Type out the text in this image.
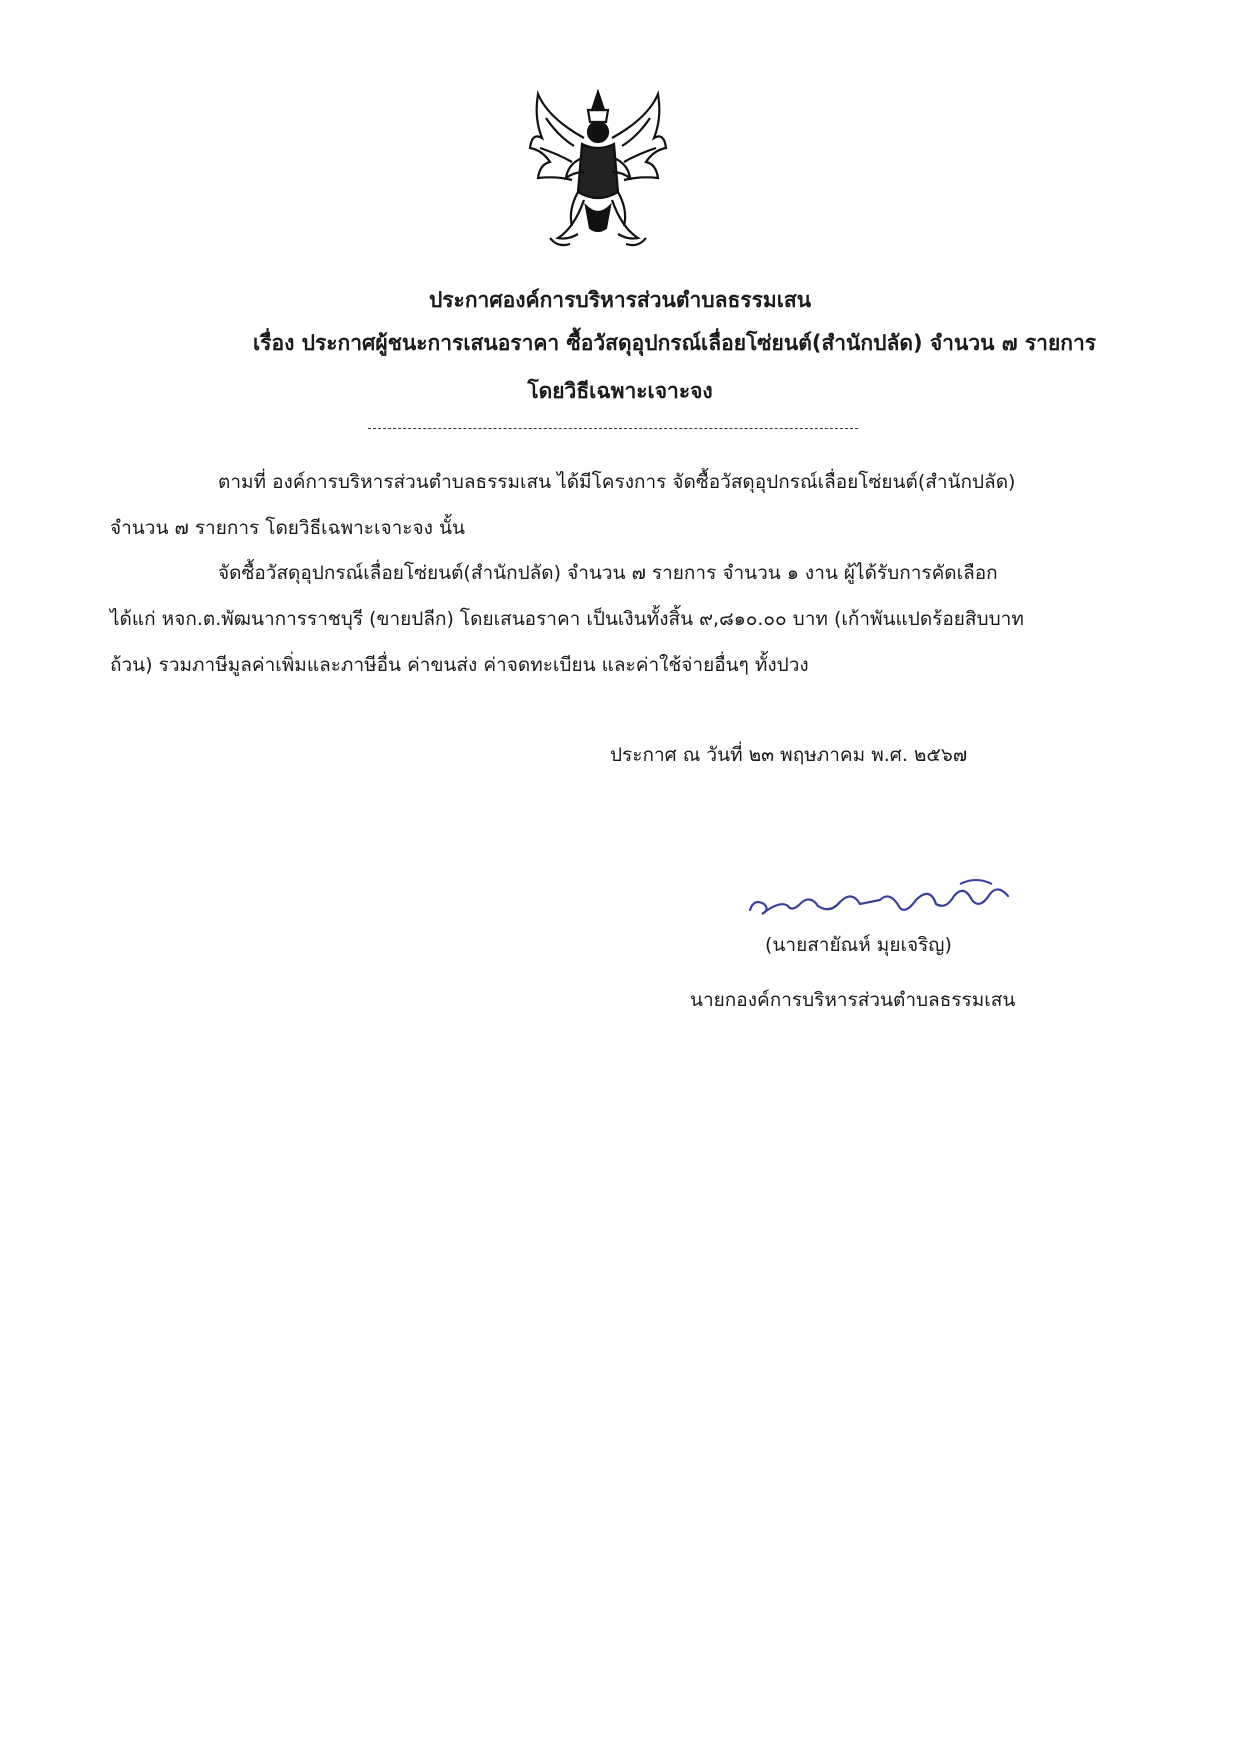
ประกาศองค์การบริหารส่วนตำบลธรรมเสน
เรื่อง ประกาศผู้ชนะการเสนอราคา ซื้อวัสดุอุปกรณ์เลื่อยโซ่ยนต์(สำนักปลัด) จำนวน ๗ รายการ
โดยวิธีเฉพาะเจาะจง
ตามที่ องค์การบริหารส่วนตำบลธรรมเสน ได้มีโครงการ จัดซื้อวัสดุอุปกรณ์เลื่อยโซ่ยนต์(สำนักปลัด)
จำนวน ๗ รายการ โดยวิธีเฉพาะเจาะจง นั้น
จัดซื้อวัสดุอุปกรณ์เลื่อยโซ่ยนต์(สำนักปลัด) จำนวน ๗ รายการ จำนวน ๑ งาน ผู้ได้รับการคัดเลือก
ได้แก่ หจก.ต.พัฒนาการราชบุรี (ขายปลีก) โดยเสนอราคา เป็นเงินทั้งสิ้น ๙,๘๑๐.๐๐ บาท (เก้าพันแปดร้อยสิบบาท
ถ้วน) รวมภาษีมูลค่าเพิ่มและภาษีอื่น ค่าขนส่ง ค่าจดทะเบียน และค่าใช้จ่ายอื่นๆ ทั้งปวง
ประกาศ ณ วันที่ ๒๓ พฤษภาคม พ.ศ. ๒๕๖๗
(นายสายัณห์ มุยเจริญ)
นายกองค์การบริหารส่วนตำบลธรรมเสน
